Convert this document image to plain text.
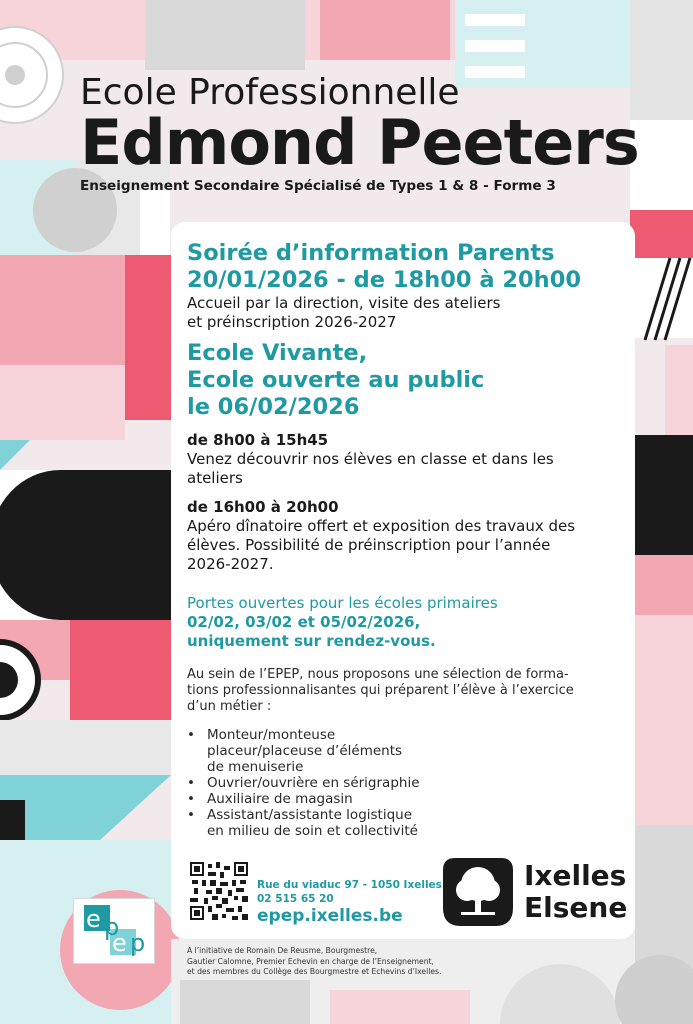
Ecole Professionnelle
Edmond Peeters
Enseignement Secondaire Spécialisé de Types 1 & 8 - Forme 3
Soirée d’information Parents
20/01/2026 - de 18h00 à 20h00
Accueil par la direction, visite des ateliers
et préinscription 2026-2027
Ecole Vivante,
Ecole ouverte au public
le 06/02/2026
de 8h00 à 15h45
Venez découvrir nos élèves en classe et dans les
ateliers
de 16h00 à 20h00
Apéro dînatoire offert et exposition des travaux des
élèves. Possibilité de préinscription pour l’année
2026-2027.
Portes ouvertes pour les écoles primaires
02/02, 03/02 et 05/02/2026,
uniquement sur rendez-vous.
Au sein de l’EPEP, nous proposons une sélection de forma-
tions professionnalisantes qui préparent l’élève à l’exercice
d’un métier :
• Monteur/monteuse
placeur/placeuse d’éléments
de menuiserie
• Ouvrier/ouvrière en sérigraphie
• Auxiliaire de magasin
• Assistant/assistante logistique
en milieu de soin et collectivité
Rue du viaduc 97 - 1050 Ixelles
02 515 65 20
epep.ixelles.be
Ixelles
Elsene
e p
e p	A l’initiative de Romain De Reusme, Bourgmestre,
Gautier Calomne, Premier Echevin en charge de l’Enseignement,
et des membres du Collège des Bourgmestre et Echevins d’Ixelles.
